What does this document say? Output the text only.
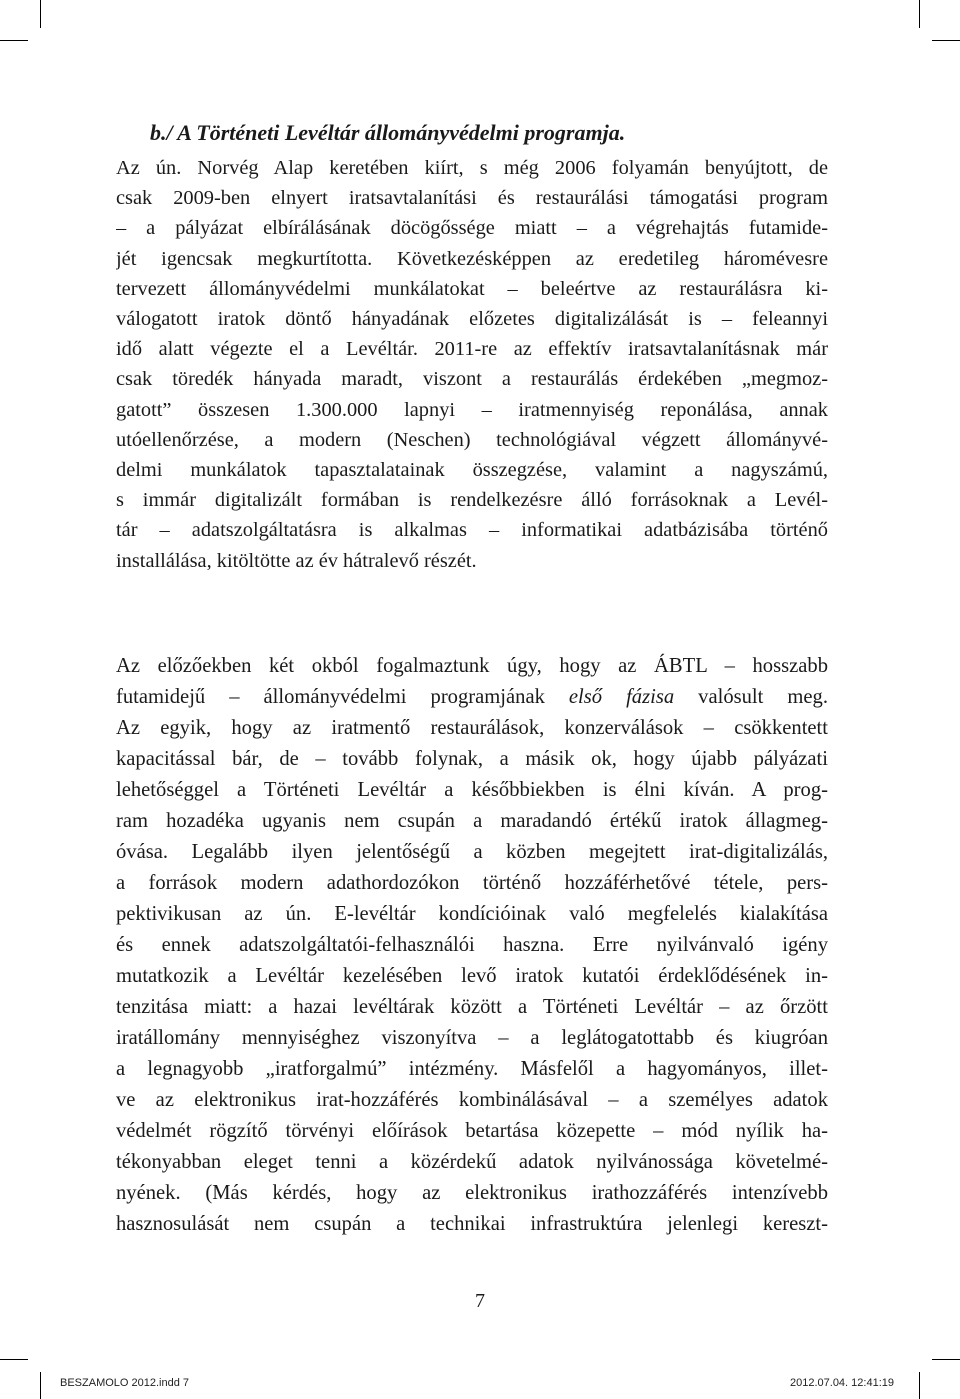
b./ A Történeti Levéltár állományvédelmi programja.
Az ún. Norvég Alap keretében kiírt, s még 2006 folyamán benyújtott, de
csak 2009-ben elnyert iratsavtalanítási és restaurálási támogatási program
– a pályázat elbírálásának döcögőssége miatt – a végrehajtás futamide-
jét igencsak megkurtította. Következésképpen az eredetileg háromévesre
tervezett állományvédelmi munkálatokat – beleértve az restaurálásra ki-
válogatott iratok döntő hányadának előzetes digitalizálását is – feleannyi
idő alatt végezte el a Levéltár. 2011-re az effektív iratsavtalanításnak már
csak töredék hányada maradt, viszont a restaurálás érdekében „megmoz-
gatott” összesen 1.300.000 lapnyi – iratmennyiség reponálása, annak
utóellenőrzése, a modern (Neschen) technológiával végzett állományvé-
delmi munkálatok tapasztalatainak összegzése, valamint a nagyszámú,
s immár digitalizált formában is rendelkezésre álló forrásoknak a Levél-
tár – adatszolgáltatásra is alkalmas – informatikai adatbázisába történő
installálása, kitöltötte az év hátralevő részét.
Az előzőekben két okból fogalmaztunk úgy, hogy az ÁBTL – hosszabb
futamidejű – állományvédelmi programjának első fázisa valósult meg.
Az egyik, hogy az iratmentő restaurálások, konzerválások – csökkentett
kapacitással bár, de – tovább folynak, a másik ok, hogy újabb pályázati
lehetőséggel a Történeti Levéltár a későbbiekben is élni kíván. A prog-
ram hozadéka ugyanis nem csupán a maradandó értékű iratok állagmeg-
óvása. Legalább ilyen jelentőségű a közben megejtett irat-digitalizálás,
a források modern adathordozókon történő hozzáférhetővé tétele, pers-
pektivikusan az ún. E-levéltár kondícióinak való megfelelés kialakítása
és ennek adatszolgáltatói-felhasználói haszna. Erre nyilvánvaló igény
mutatkozik a Levéltár kezelésében levő iratok kutatói érdeklődésének in-
tenzitása miatt: a hazai levéltárak között a Történeti Levéltár – az őrzött
iratállomány mennyiséghez viszonyítva – a leglátogatottabb és kiugróan
a legnagyobb „iratforgalmú” intézmény. Másfelől a hagyományos, illet-
ve az elektronikus irat-hozzáférés kombinálásával – a személyes adatok
védelmét rögzítő törvényi előírások betartása közepette – mód nyílik ha-
tékonyabban eleget tenni a közérdekű adatok nyilvánossága követelmé-
nyének. (Más kérdés, hogy az elektronikus irathozzáférés intenzívebb
hasznosulását nem csupán a technikai infrastruktúra jelenlegi kereszt-
7
BESZAMOLO 2012.indd 7	2012.07.04. 12:41:19
